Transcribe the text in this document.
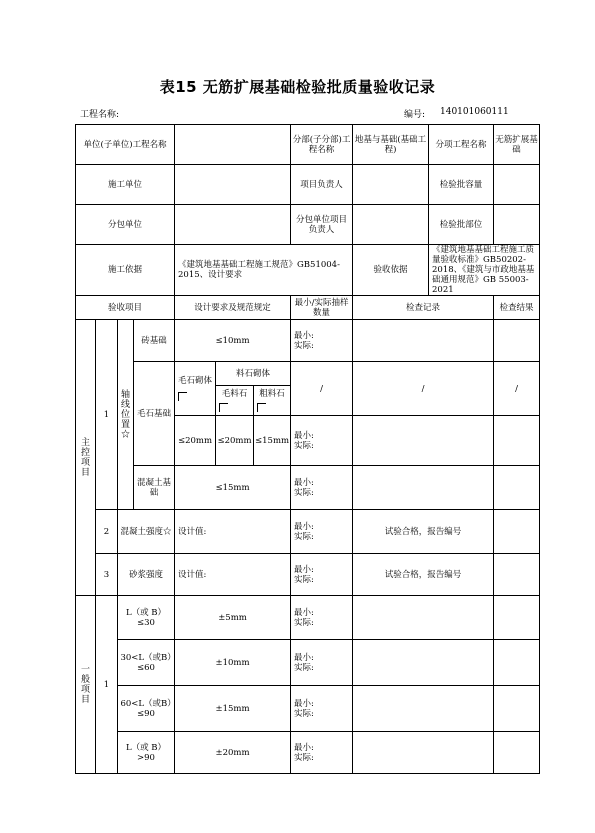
表15 无筋扩展基础检验批质量验收记录
工程名称:	编号: 140101060111
单位(子单位)工程名称							分部(子分部)工程名称	地基与基础(基础工程)	分项工程名称	无筋扩展基础
施工单位							项目负责人		检验批容量	
分包单位							分包单位项目负责人		检验批部位	
施工依据				《建筑地基基础工程施工规范》GB51004-2015、设计要求				验收依据	《建筑地基基础工程施工质量验收标准》GB50202-2018、《建筑与市政地基基础通用规范》GB 55003-2021	
验收项目				设计要求及规范规定			最小/实际抽样数量	检查记录		检查结果
主控项目	1	轴线位置☆	砖基础	≤10mm			最小:
实际:			
			毛石基础	毛石砌体	料石砌体		/	/		/
					毛料石	粗料石				

				≤20mm	≤20mm	≤15mm	最小:
实际:			
			混凝土基础	≤15mm			最小:
实际:			
	2	混凝土强度☆		设计值:			最小:
实际:	试验合格，报告编号		
	3	砂浆强度		设计值:			最小:
实际:	试验合格，报告编号		
一般项目	1	L（或 B）≤30		±5mm			最小:
实际:			
		30<L（或B）≤60		±10mm			最小:
实际:			
		60<L（或B）≤90		±15mm			最小:
实际:			
		L（或 B）>90		±20mm			最小:
实际:			
